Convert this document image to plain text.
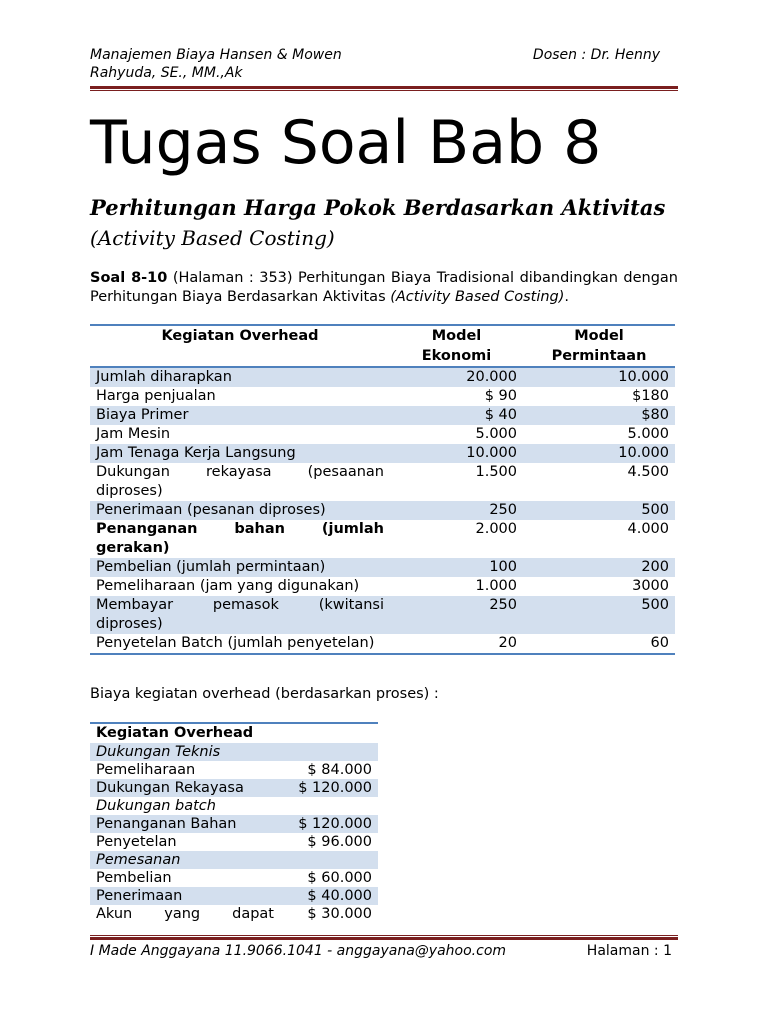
Manajemen Biaya Hansen & Mowen	Dosen : Dr. Henny
Rahyuda, SE., MM.,Ak
Tugas Soal Bab 8
Perhitungan Harga Pokok Berdasarkan Aktivitas
(Activity Based Costing)
Soal 8-10 (Halaman : 353) Perhitungan Biaya Tradisional dibandingkan dengan Perhitungan Biaya Berdasarkan Aktivitas (Activity Based Costing).
Kegiatan Overhead	Model Ekonomi	Model Permintaan
Jumlah diharapkan	20.000	10.000
Harga penjualan	$ 90	$180
Biaya Primer	$ 40	$80
Jam Mesin	5.000	5.000
Jam Tenaga Kerja Langsung	10.000	10.000
Dukungan rekayasa (pesaanan diproses)	1.500	4.500
Penerimaan (pesanan diproses)	250	500
Penanganan bahan (jumlah gerakan)	2.000	4.000
Pembelian (jumlah permintaan)	100	200
Pemeliharaan (jam yang digunakan)	1.000	3000
Membayar pemasok (kwitansi diproses)	250	500
Penyetelan Batch (jumlah penyetelan)	20	60
Biaya kegiatan overhead (berdasarkan proses) :
Kegiatan Overhead	
Dukungan Teknis	
Pemeliharaan	$ 84.000
Dukungan Rekayasa	$ 120.000
Dukungan batch	
Penanganan Bahan	$ 120.000
Penyetelan	$ 96.000
Pemesanan	
Pembelian	$ 60.000
Penerimaan	$ 40.000
Akun yang dapat	$ 30.000
I Made Anggayana 11.9066.1041 - anggayana@yahoo.com	Halaman : 1
